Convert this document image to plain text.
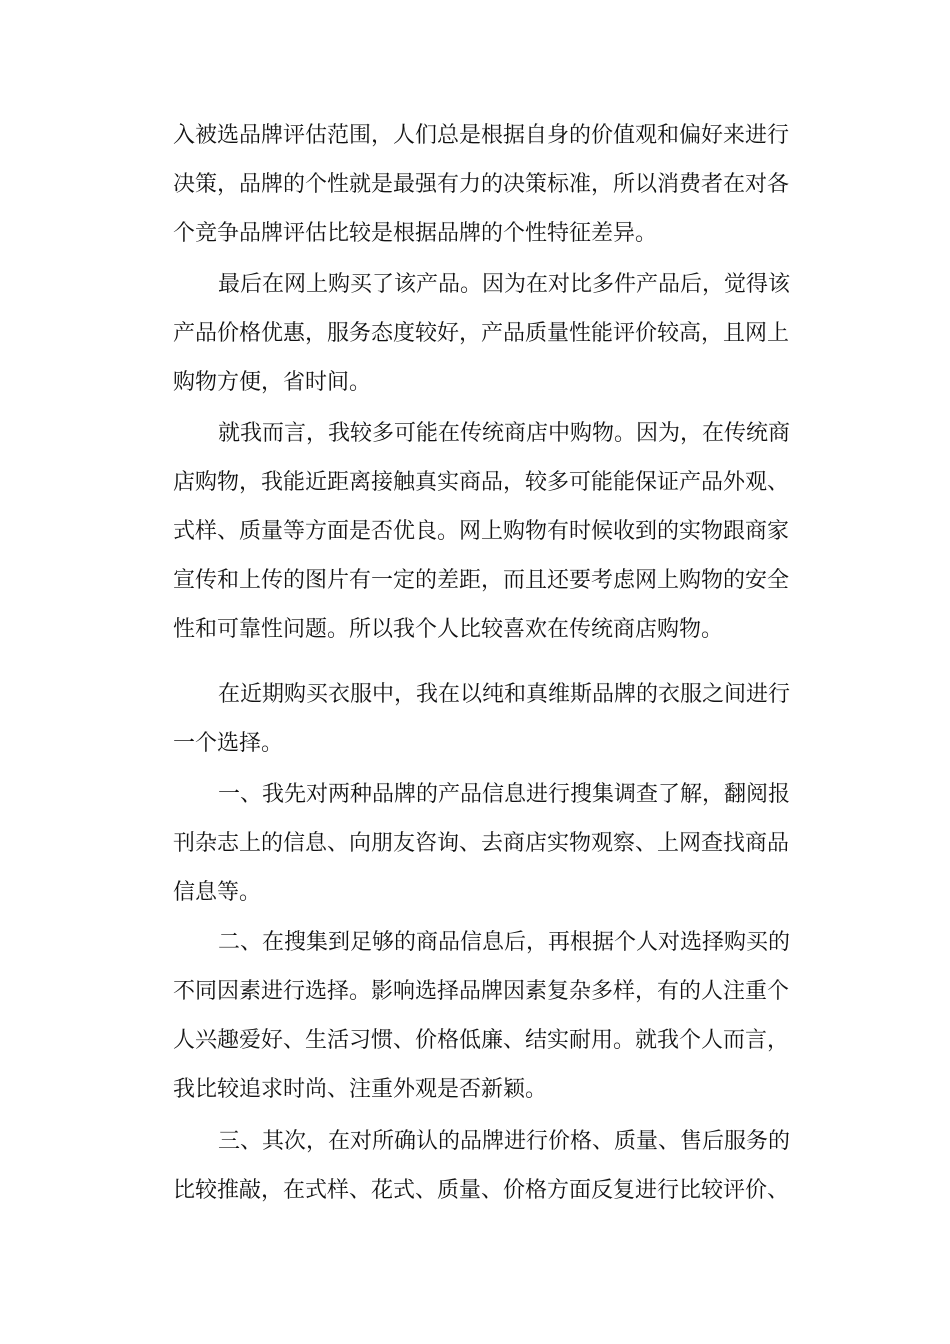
入被选品牌评估范围，人们总是根据自身的价值观和偏好来进行
决策，品牌的个性就是最强有力的决策标准，所以消费者在对各
个竞争品牌评估比较是根据品牌的个性特征差异。
最后在网上购买了该产品。因为在对比多件产品后，觉得该
产品价格优惠，服务态度较好，产品质量性能评价较高，且网上
购物方便，省时间。
就我而言，我较多可能在传统商店中购物。因为，在传统商
店购物，我能近距离接触真实商品，较多可能能保证产品外观、
式样、质量等方面是否优良。网上购物有时候收到的实物跟商家
宣传和上传的图片有一定的差距，而且还要考虑网上购物的安全
性和可靠性问题。所以我个人比较喜欢在传统商店购物。
在近期购买衣服中，我在以纯和真维斯品牌的衣服之间进行
一个选择。
一、我先对两种品牌的产品信息进行搜集调查了解，翻阅报
刊杂志上的信息、向朋友咨询、去商店实物观察、上网查找商品
信息等。
二、在搜集到足够的商品信息后，再根据个人对选择购买的
不同因素进行选择。影响选择品牌因素复杂多样，有的人注重个
人兴趣爱好、生活习惯、价格低廉、结实耐用。就我个人而言，
我比较追求时尚、注重外观是否新颖。
三、其次，在对所确认的品牌进行价格、质量、售后服务的
比较推敲，在式样、花式、质量、价格方面反复进行比较评价、
